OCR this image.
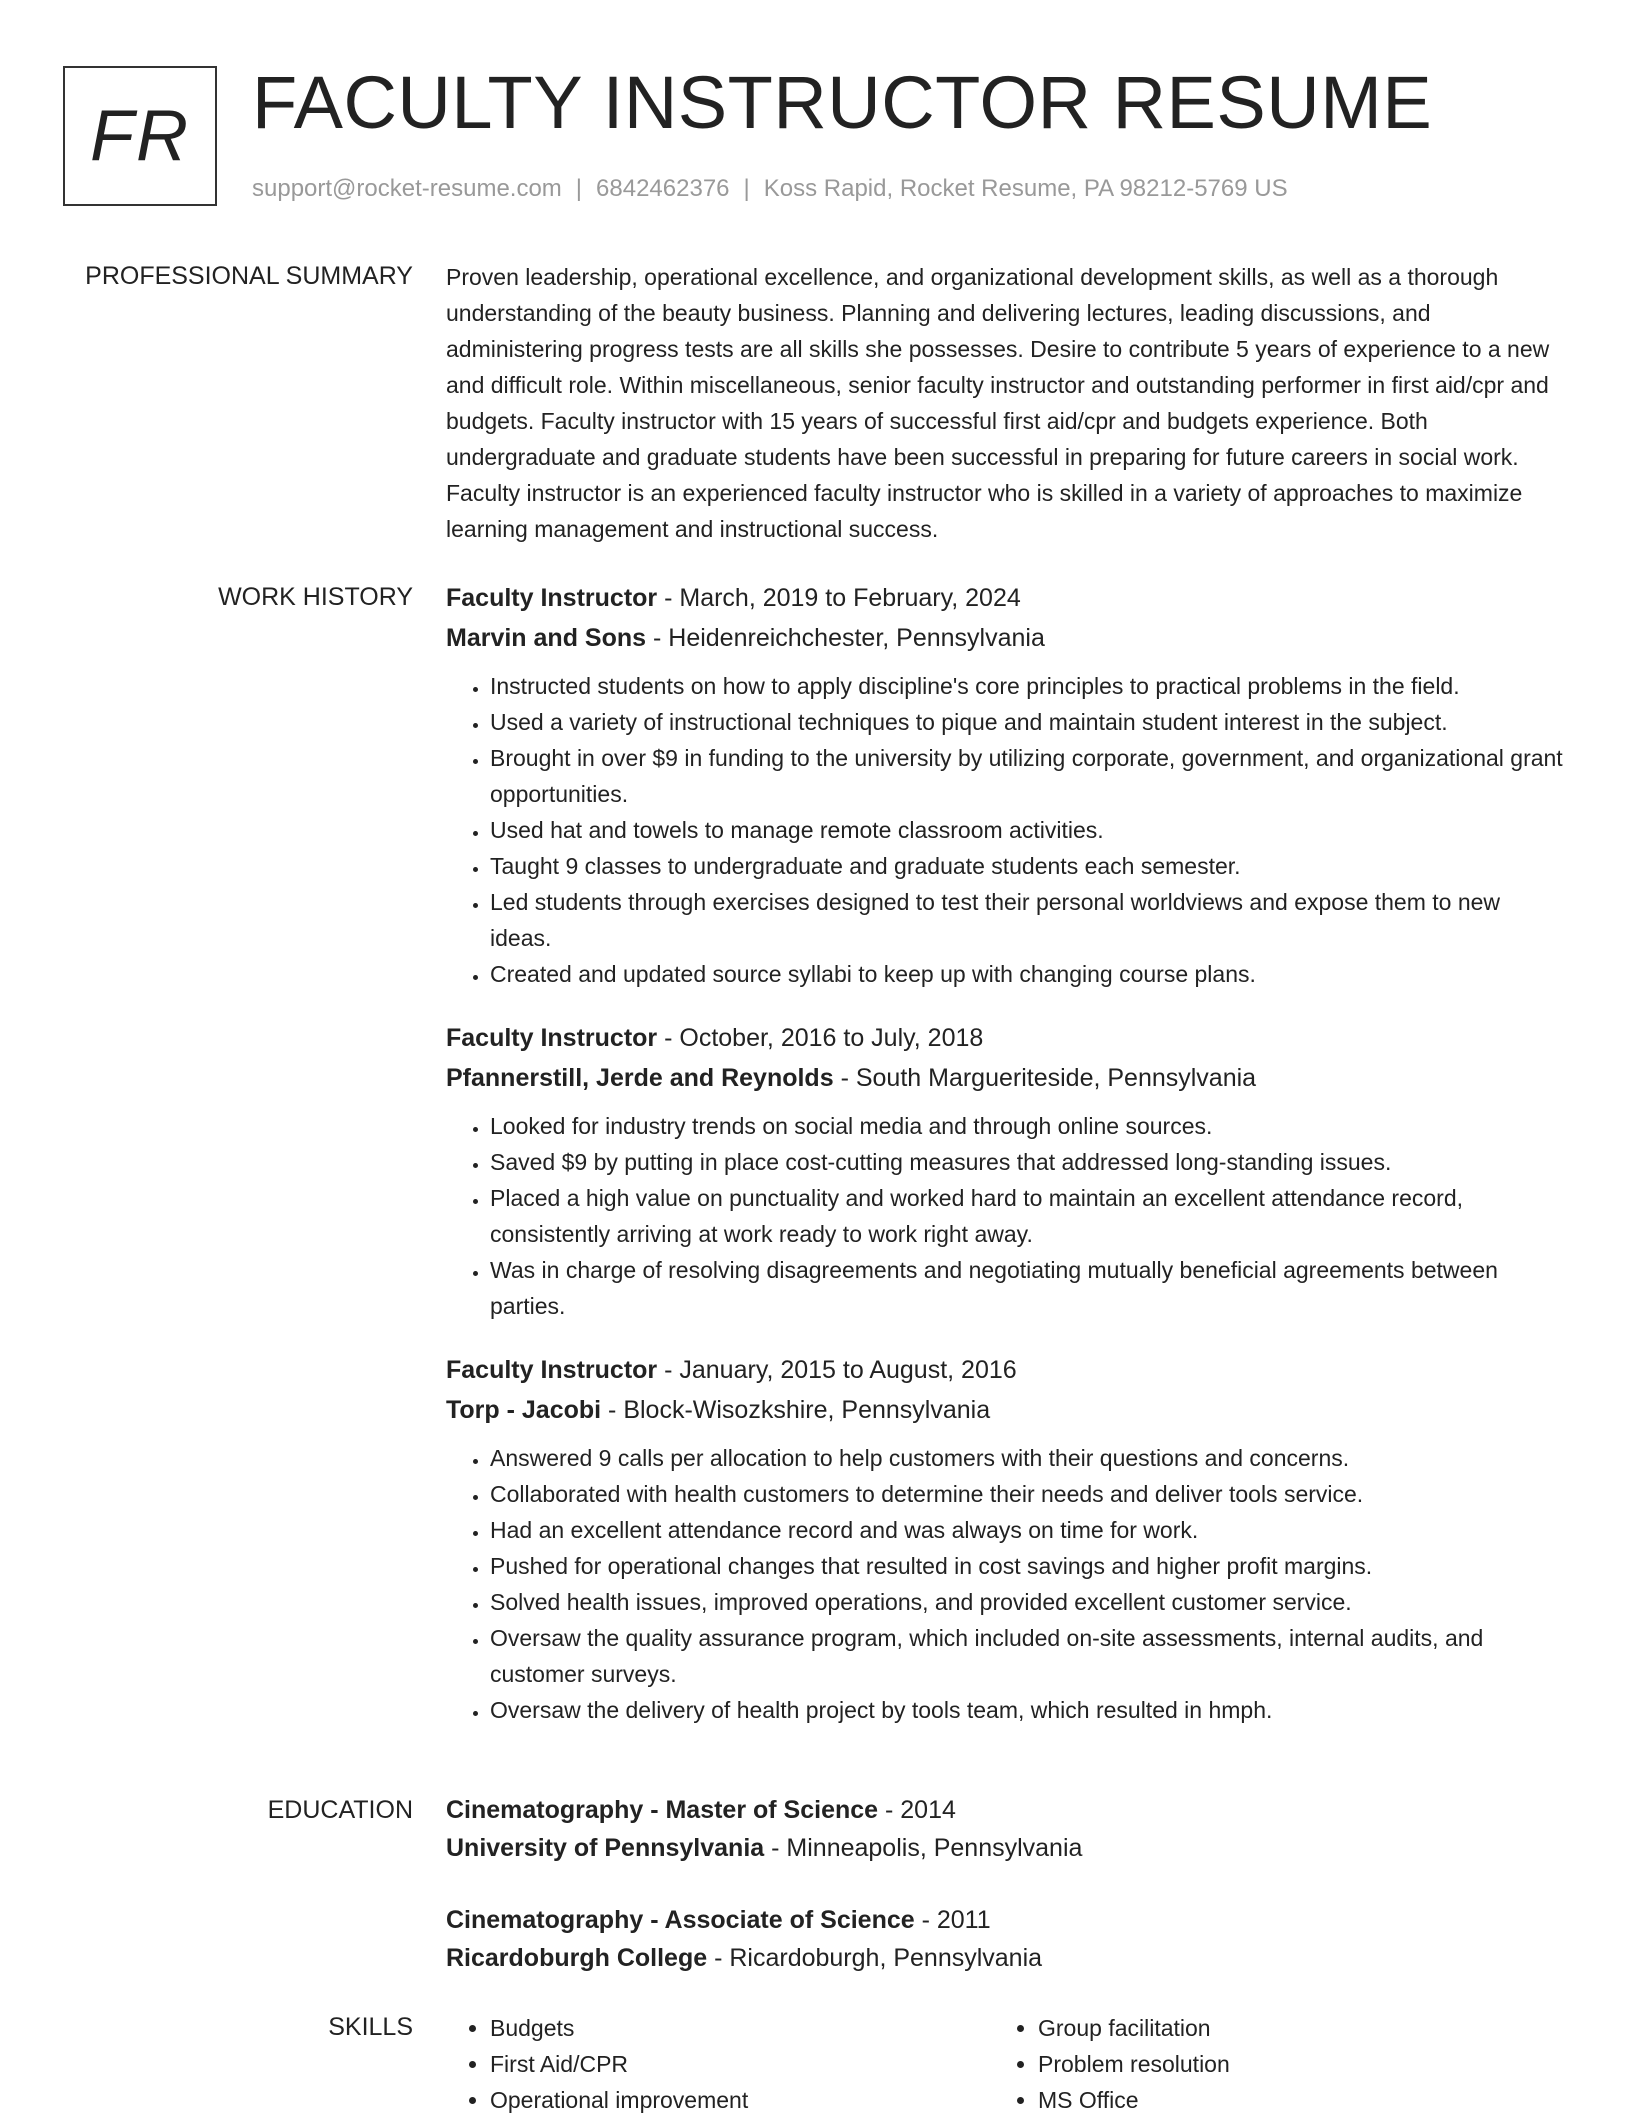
FR FACULTY INSTRUCTOR RESUME
support@rocket-resume.com | 6842462376 | Koss Rapid, Rocket Resume, PA 98212-5769 US
PROFESSIONAL SUMMARY Proven leadership, operational excellence, and organizational development skills, as well as a thorough understanding of the beauty business. Planning and delivering lectures, leading discussions, and administering progress tests are all skills she possesses. Desire to contribute 5 years of experience to a new and difficult role. Within miscellaneous, senior faculty instructor and outstanding performer in first aid/cpr and budgets. Faculty instructor with 15 years of successful first aid/cpr and budgets experience. Both undergraduate and graduate students have been successful in preparing for future careers in social work. Faculty instructor is an experienced faculty instructor who is skilled in a variety of approaches to maximize learning management and instructional success.

WORK HISTORY Faculty Instructor - March, 2019 to February, 2024
Marvin and Sons - Heidenreichchester, Pennsylvania
• Instructed students on how to apply discipline's core principles to practical problems in the field.
• Used a variety of instructional techniques to pique and maintain student interest in the subject.
• Brought in over $9 in funding to the university by utilizing corporate, government, and organizational grant opportunities.
• Used hat and towels to manage remote classroom activities.
• Taught 9 classes to undergraduate and graduate students each semester.
• Led students through exercises designed to test their personal worldviews and expose them to new ideas.
• Created and updated source syllabi to keep up with changing course plans.
Faculty Instructor - October, 2016 to July, 2018
Pfannerstill, Jerde and Reynolds - South Margueriteside, Pennsylvania
• Looked for industry trends on social media and through online sources.
• Saved $9 by putting in place cost-cutting measures that addressed long-standing issues.
• Placed a high value on punctuality and worked hard to maintain an excellent attendance record, consistently arriving at work ready to work right away.
• Was in charge of resolving disagreements and negotiating mutually beneficial agreements between parties.
Faculty Instructor - January, 2015 to August, 2016
Torp - Jacobi - Block-Wisozkshire, Pennsylvania
• Answered 9 calls per allocation to help customers with their questions and concerns.
• Collaborated with health customers to determine their needs and deliver tools service.
• Had an excellent attendance record and was always on time for work.
• Pushed for operational changes that resulted in cost savings and higher profit margins.
• Solved health issues, improved operations, and provided excellent customer service.
• Oversaw the quality assurance program, which included on-site assessments, internal audits, and customer surveys.
• Oversaw the delivery of health project by tools team, which resulted in hmph.
EDUCATION Cinematography - Master of Science - 2014
University of Pennsylvania - Minneapolis, Pennsylvania
Cinematography - Associate of Science - 2011
Ricardoburgh College - Ricardoburgh, Pennsylvania
SKILLS
•	Budgets
• First Aid/CPR
• Operational improvement
• Group facilitation
• Problem resolution
• MS Office
